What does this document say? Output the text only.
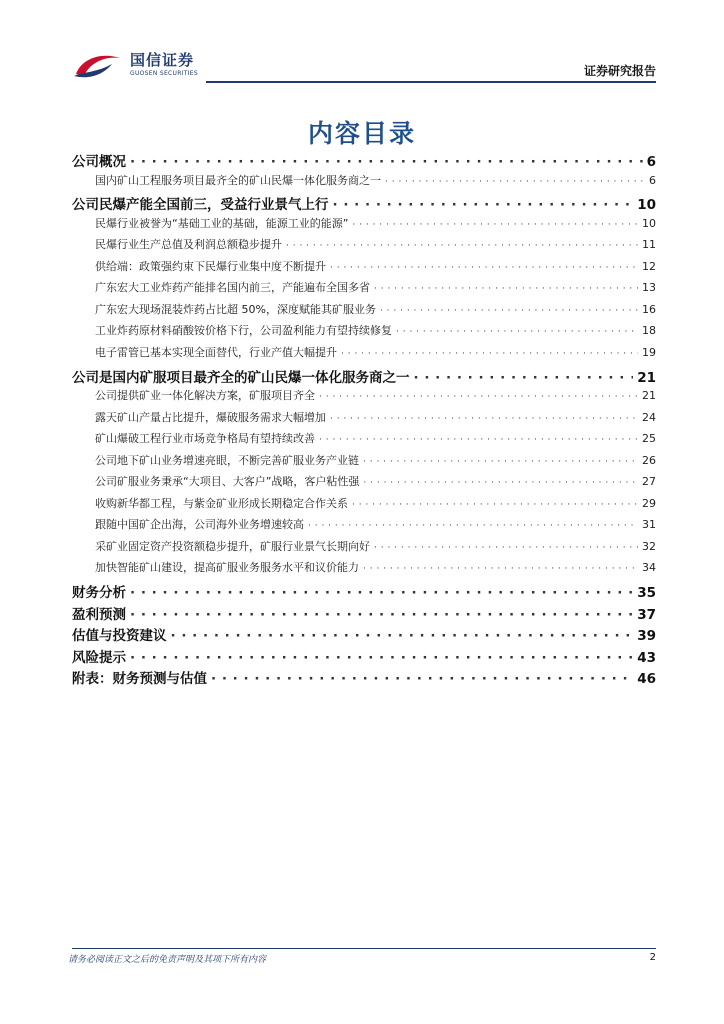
国信证券
GUOSEN SECURITIES	证券研究报告
内容目录
公司概况 · · ·	6
国内矿山工程服务项目最齐全的矿山民爆一体化服务商之一 · · ·	6
公司民爆产能全国前三，受益行业景气上行 · · ·	10
民爆行业被誉为“基础工业的基础，能源工业的能源” · · ·	10
民爆行业生产总值及利润总额稳步提升 · · ·	11
供给端：政策强约束下民爆行业集中度不断提升 · · ·	12
广东宏大工业炸药产能排名国内前三，产能遍布全国多省 · · ·	13
广东宏大现场混装炸药占比超 50%，深度赋能其矿服业务 · · ·	16
工业炸药原材料硝酸铵价格下行，公司盈利能力有望持续修复 · · ·	18
电子雷管已基本实现全面替代，行业产值大幅提升 · · ·	19
公司是国内矿服项目最齐全的矿山民爆一体化服务商之一 · · ·	21
公司提供矿业一体化解决方案，矿服项目齐全 · · ·	21
露天矿山产量占比提升，爆破服务需求大幅增加 · · ·	24
矿山爆破工程行业市场竞争格局有望持续改善 · · ·	25
公司地下矿山业务增速亮眼，不断完善矿服业务产业链 · · ·	26
公司矿服业务秉承“大项目、大客户”战略，客户粘性强 · · ·	27
收购新华都工程，与紫金矿业形成长期稳定合作关系 · · ·	29
跟随中国矿企出海，公司海外业务增速较高 · · ·	31
采矿业固定资产投资额稳步提升，矿服行业景气长期向好 · · ·	32
加快智能矿山建设，提高矿服业务服务水平和议价能力 · · ·	34
财务分析 · · ·	35
盈利预测 · · ·	37
估值与投资建议 · · ·	39
风险提示 · · ·	43
附表：财务预测与估值 · · ·	46
请务必阅读正文之后的免责声明及其项下所有内容	2
